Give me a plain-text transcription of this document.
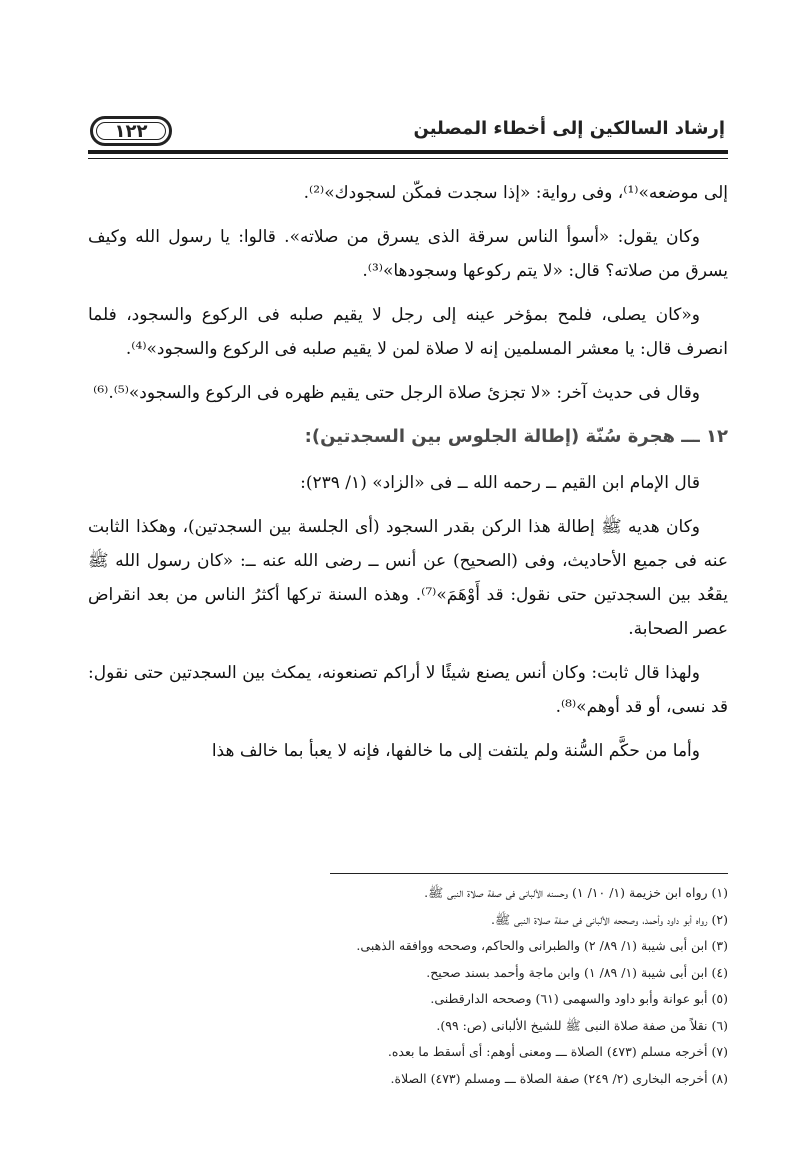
إرشاد السالكين إلى أخطاء المصلين
١٢٢

إلى موضعه»⁽¹⁾، وفى رواية: «إذا سجدت فمكّن لسجودك»⁽²⁾.

وكان يقول: «أسوأ الناس سرقة الذى يسرق من صلاته». قالوا: يا رسول الله وكيف يسرق من صلاته؟ قال: «لا يتم ركوعها وسجودها»⁽³⁾.

و«كان يصلى، فلمح بمؤخر عينه إلى رجل لا يقيم صلبه فى الركوع والسجود، فلما انصرف قال: يا معشر المسلمين إنه لا صلاة لمن لا يقيم صلبه فى الركوع والسجود»⁽⁴⁾.

وقال فى حديث آخر: «لا تجزئ صلاة الرجل حتى يقيم ظهره فى الركوع والسجود»⁽⁵⁾.⁽⁶⁾

١٢ ـــ هجرة سُنّة (إطالة الجلوس بين السجدتين):

قال الإمام ابن القيم ــ رحمه الله ــ فى «الزاد» (١/ ٢٣٩):

وكان هديه ﷺ إطالة هذا الركن بقدر السجود (أى الجلسة بين السجدتين)، وهكذا الثابت عنه فى جميع الأحاديث، وفى (الصحيح) عن أنس ــ رضى الله عنه ــ: «كان رسول الله ﷺ يقعُد بين السجدتين حتى نقول: قد أَوْهَمَ»⁽⁷⁾. وهذه السنة تركها أكثرُ الناس من بعد انقراض عصر الصحابة.

ولهذا قال ثابت: وكان أنس يصنع شيئًا لا أراكم تصنعونه، يمكث بين السجدتين حتى نقول: قد نسى، أو قد أوهم»⁽⁸⁾.

وأما من حكَّم السُّنة ولم يلتفت إلى ما خالفها، فإنه لا يعبأ بما خالف هذا

(١) رواه ابن خزيمة (١/ ١٠/ ١) وحسنه الألبانى فى صفة صلاة النبى ﷺ.
(٢) رواه أبو داود وأحمد، وصححه الألبانى فى صفة صلاة النبى ﷺ.
(٣) ابن أبى شيبة (١/ ٨٩/ ٢) والطبرانى والحاكم، وصححه ووافقه الذهبى.
(٤) ابن أبى شيبة (١/ ٨٩/ ١) وابن ماجة وأحمد بسند صحيح.
(٥) أبو عوانة وأبو داود والسهمى (٦١) وصححه الدارقطنى.
(٦) نقلاً من صفة صلاة النبى ﷺ للشيخ الألبانى (ص: ٩٩).
(٧) أخرجه مسلم (٤٧٣) الصلاة ـــ ومعنى أوهم: أى أسقط ما بعده.
(٨) أخرجه البخارى (٢/ ٢٤٩) صفة الصلاة ـــ ومسلم (٤٧٣) الصلاة.
